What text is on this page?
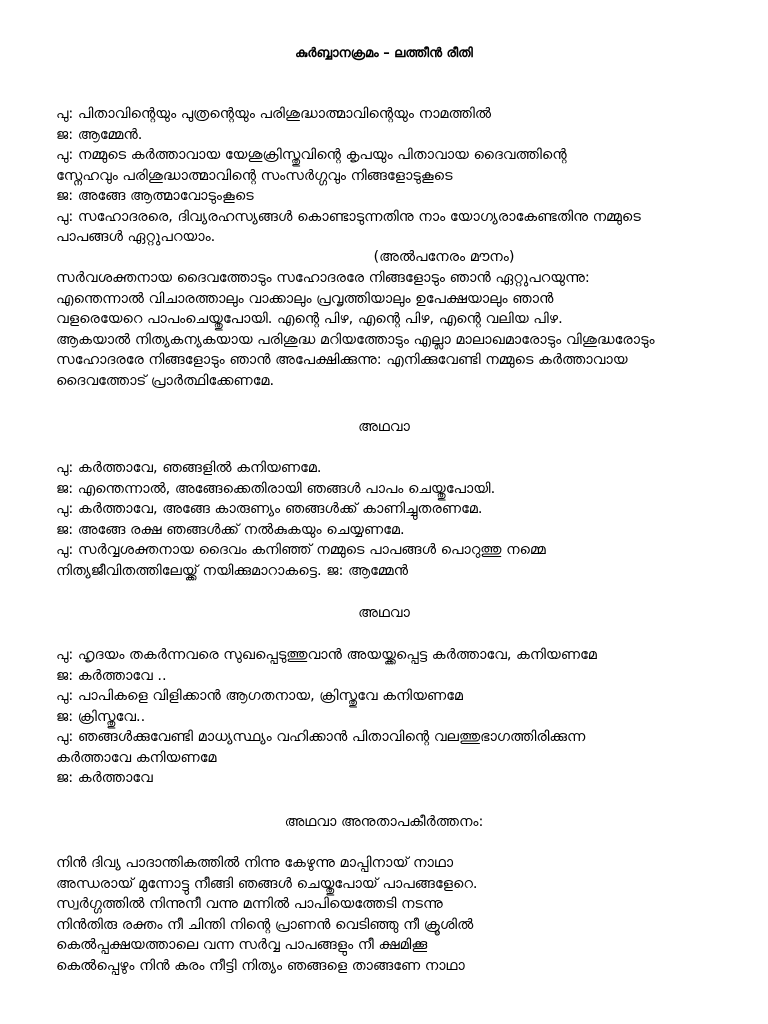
കുർബ്ബാനക്രമം – ലത്തീൻ രീതി
പു: പിതാവിന്റെയും പുത്രന്റെയും പരിശുദ്ധാത്മാവിന്റെയും നാമത്തിൽ
ജ: ആമ്മേൻ.
പു: നമ്മുടെ കർത്താവായ യേശുക്രിസ്തുവിന്റെ കൃപയും പിതാവായ ദൈവത്തിന്റെ
സ്നേഹവും പരിശുദ്ധാത്മാവിന്റെ സംസർഗ്ഗവും നിങ്ങളോടുകൂടെ
ജ: അങ്ങേ ആത്മാവോടുംകൂടെ
പു: സഹോദരരെ, ദിവ്യരഹസ്യങ്ങൾ കൊണ്ടാടുന്നതിനു നാം യോഗ്യരാകേണ്ടതിനു നമ്മുടെ
പാപങ്ങൾ ഏറ്റുപറയാം.
(അൽപനേരം മൗനം)
സർവശക്തനായ ദൈവത്തോടും സഹോദരരേ നിങ്ങളോടും ഞാൻ ഏറ്റുപറയുന്നു:
എന്തെന്നാൽ വിചാരത്താലും വാക്കാലും പ്രവൃത്തിയാലും ഉപേക്ഷയാലും ഞാൻ
വളരെയേറെ പാപംചെയ്തുപോയി. എന്റെ പിഴ, എന്റെ പിഴ, എന്റെ വലിയ പിഴ.
ആകയാൽ നിത്യകന്യകയായ പരിശുദ്ധ മറിയത്തോടും എല്ലാ മാലാഖമാരോടും വിശുദ്ധരോടും
സഹോദരരേ നിങ്ങളോടും ഞാൻ അപേക്ഷിക്കുന്നു: എനിക്കുവേണ്ടി നമ്മുടെ കർത്താവായ
ദൈവത്തോട് പ്രാർത്ഥിക്കേണമേ.
അഥവാ
പു: കർത്താവേ, ഞങ്ങളിൽ കനിയണമേ.
ജ: എന്തെന്നാൽ, അങ്ങേക്കെതിരായി ഞങ്ങൾ പാപം ചെയ്തുപോയി.
പു: കർത്താവേ, അങ്ങേ കാരുണ്യം ഞങ്ങൾക്ക് കാണിച്ചുതരണമേ.
ജ: അങ്ങേ രക്ഷ ഞങ്ങൾക്ക് നൽകുകയും ചെയ്യണമേ.
പു: സർവ്വശക്തനായ ദൈവം കനിഞ്ഞ് നമ്മുടെ പാപങ്ങൾ പൊറുത്തു നമ്മെ
നിത്യജീവിതത്തിലേയ്ക്ക് നയിക്കുമാറാകട്ടെ. ജ: ആമ്മേൻ
അഥവാ
പു: ഹൃദയം തകർന്നവരെ സുഖപ്പെടുത്തുവാൻ അയയ്ക്കപ്പെട്ട കർത്താവേ, കനിയണമേ
ജ: കർത്താവേ ..
പു: പാപികളെ വിളിക്കാൻ ആഗതനായ, ക്രിസ്തുവേ കനിയണമേ
ജ: ക്രിസ്തുവേ..
പു: ഞങ്ങൾക്കുവേണ്ടി മാധ്യസ്ഥ്യം വഹിക്കാൻ പിതാവിന്റെ വലത്തുഭാഗത്തിരിക്കുന്ന
കർത്താവേ കനിയണമേ
ജ: കർത്താവേ
അഥവാ അനുതാപകീർത്തനം:
നിൻ ദിവ്യ പാദാന്തികത്തിൽ നിന്നു കേഴുന്നു മാപ്പിനായ് നാഥാ
അന്ധരായ് മുന്നോട്ടു നീങ്ങി ഞങ്ങൾ ചെയ്തുപോയ് പാപങ്ങളേറെ.
സ്വർഗ്ഗത്തിൽ നിന്നുനീ വന്നു മന്നിൽ പാപിയെത്തേടി നടന്നു
നിൻതിരു രക്തം നീ ചിന്തി നിന്റെ പ്രാണൻ വെടിഞ്ഞു നീ ക്രൂശിൽ
കെൽപ്പക്ഷയത്താലെ വന്ന സർവ്വ പാപങ്ങളും നീ ക്ഷമിക്കൂ
കെൽപ്പെഴും നിൻ കരം നീട്ടി നിത്യം ഞങ്ങളെ താങ്ങണേ നാഥാ
